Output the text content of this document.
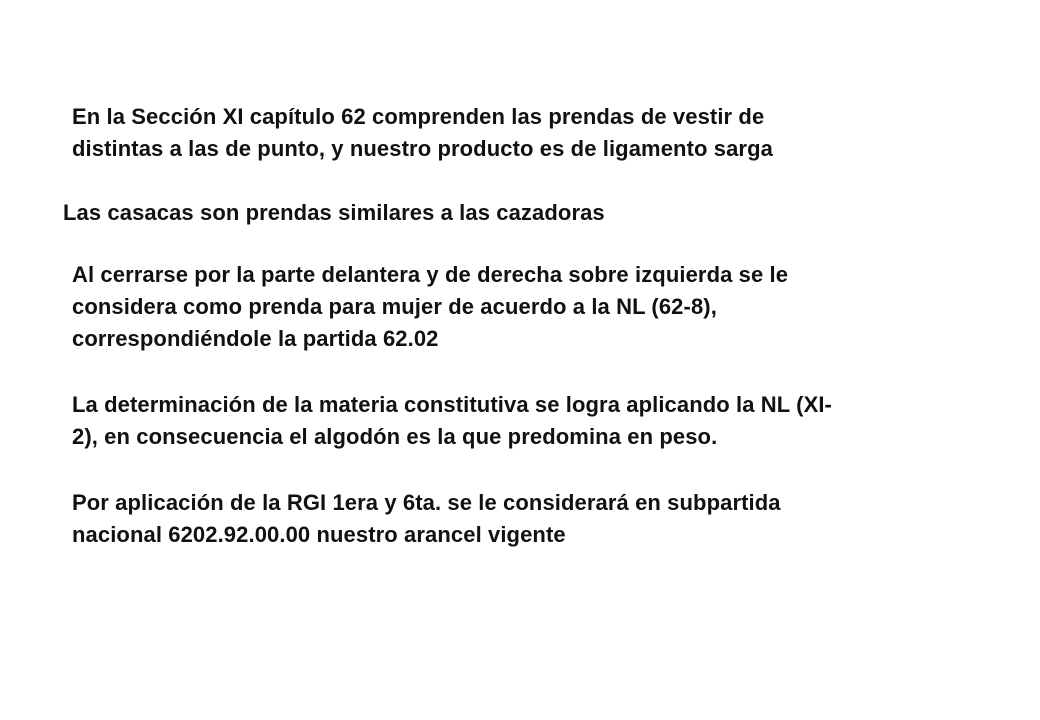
En la Sección XI capítulo 62 comprenden las prendas de vestir de
distintas a las de punto, y nuestro producto es de ligamento sarga

Las casacas son prendas similares a las cazadoras

Al cerrarse por la parte delantera y de derecha sobre izquierda se le
considera como prenda para mujer de acuerdo a la NL (62-8),
correspondiéndole la partida 62.02

La determinación de la materia constitutiva se logra aplicando la NL (XI-
2), en consecuencia el algodón es la que predomina en peso.

Por aplicación de la RGI 1era y 6ta. se le considerará en subpartida
nacional 6202.92.00.00 nuestro arancel vigente
